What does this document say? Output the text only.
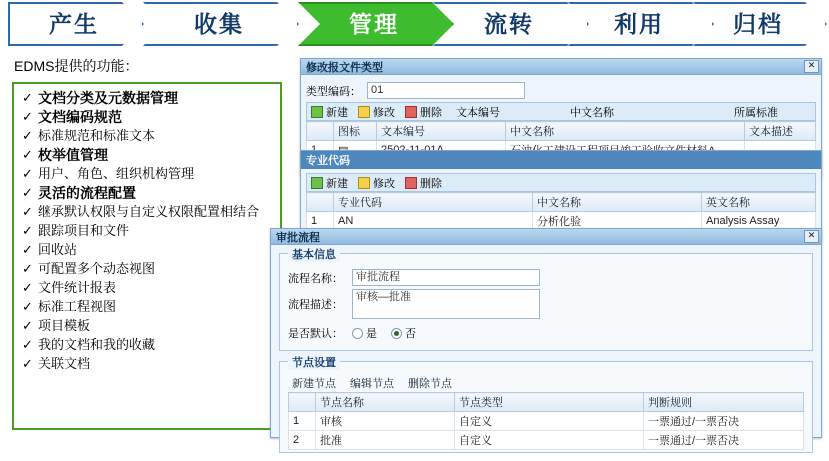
产生	收集	管理	流转	利用	归档
EDMS提供的功能：
✓ 文档分类及元数据管理
✓ 文档编码规范
✓ 标准规范和标准文本
✓ 枚举值管理
✓ 用户、角色、组织机构管理
✓ 灵活的流程配置
✓ 继承默认权限与自定义权限配置相结合
✓ 跟踪项目和文件
✓ 回收站
✓ 可配置多个动态视图
✓ 文件统计报表
✓ 标准工程视图
✓ 项目模板
✓ 我的文档和我的收藏
✓ 关联文档
修改报文件类型	✕
类型编码： 01
新建 修改 删除 文本编号	中文名称	所属标准
	图标	文本编号	中文名称	文本描述

专业代码
新建 修改 删除
	专业代码	中文名称	英文名称
1	AN	分析化验	Analysis Assay
审批流程	✕
基本信息
流程名称：	审批流程
流程描述：
审核—批准
是否默认： 是	否
节点设置
新建节点 编辑节点 删除节点
	节点名称	节点类型	判断规则
1	审核	自定义	一票通过/一票否决
2	批准	自定义	一票通过/一票否决
